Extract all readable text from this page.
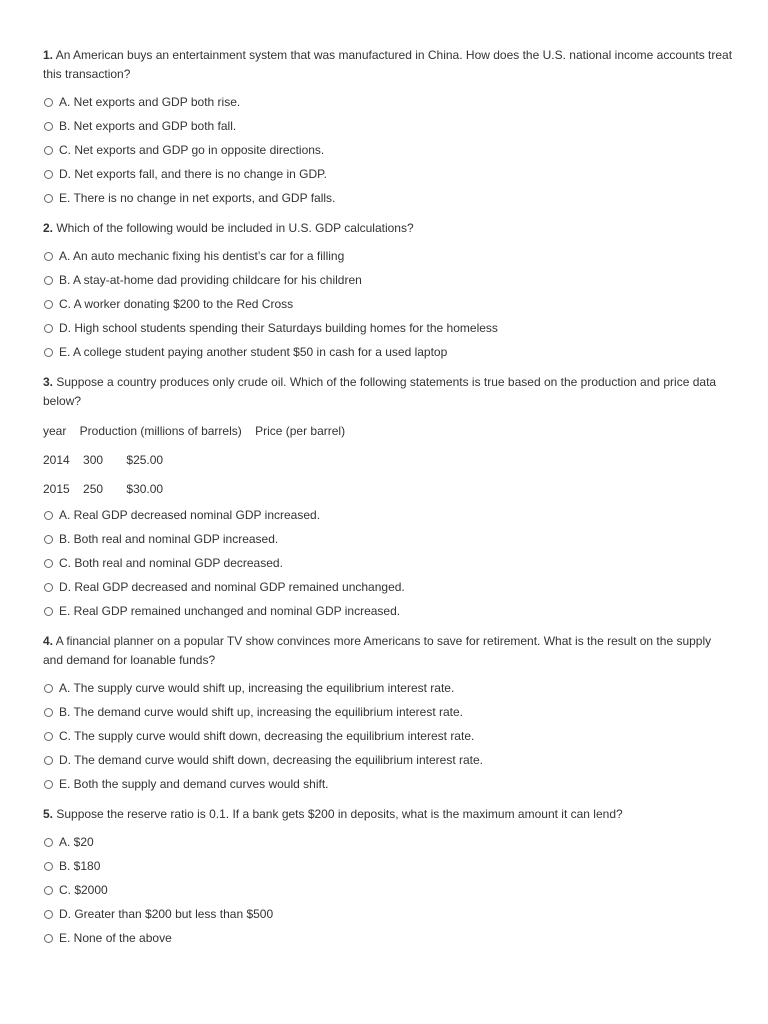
1. An American buys an entertainment system that was manufactured in China. How does the U.S. national income accounts treat this transaction?

A. Net exports and GDP both rise.
B. Net exports and GDP both fall.
C. Net exports and GDP go in opposite directions.
D. Net exports fall, and there is no change in GDP.
E. There is no change in net exports, and GDP falls.

2. Which of the following would be included in U.S. GDP calculations?

A. An auto mechanic fixing his dentist’s car for a filling
B. A stay-at-home dad providing childcare for his children
C. A worker donating $200 to the Red Cross
D. High school students spending their Saturdays building homes for the homeless
E. A college student paying another student $50 in cash for a used laptop

3. Suppose a country produces only crude oil. Which of the following statements is true based on the production and price data below?

year    Production (millions of barrels)    Price (per barrel)

2014    300       $25.00

2015    250       $30.00

A. Real GDP decreased nominal GDP increased.
B. Both real and nominal GDP increased.
C. Both real and nominal GDP decreased.
D. Real GDP decreased and nominal GDP remained unchanged.
E. Real GDP remained unchanged and nominal GDP increased.

4. A financial planner on a popular TV show convinces more Americans to save for retirement. What is the result on the supply and demand for loanable funds?

A. The supply curve would shift up, increasing the equilibrium interest rate.
B. The demand curve would shift up, increasing the equilibrium interest rate.
C. The supply curve would shift down, decreasing the equilibrium interest rate.
D. The demand curve would shift down, decreasing the equilibrium interest rate.
E. Both the supply and demand curves would shift.

5. Suppose the reserve ratio is 0.1. If a bank gets $200 in deposits, what is the maximum amount it can lend?

A. $20
B. $180
C. $2000
D. Greater than $200 but less than $500
E. None of the above
